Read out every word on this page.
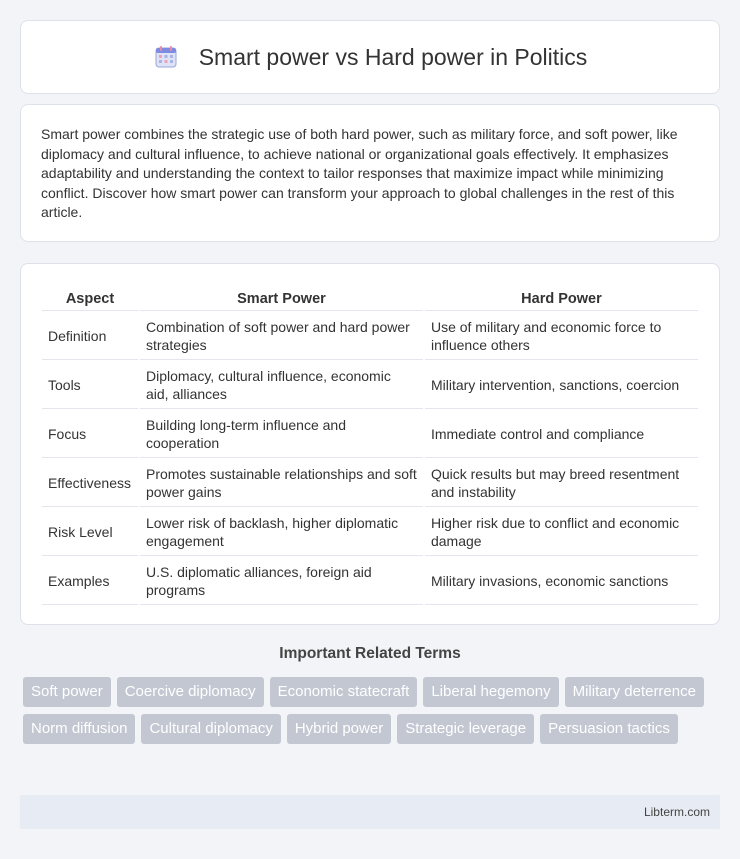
Smart power vs Hard power in Politics

Smart power combines the strategic use of both hard power, such as military force, and soft power, like diplomacy and cultural influence, to achieve national or organizational goals effectively. It emphasizes adaptability and understanding the context to tailor responses that maximize impact while minimizing conflict. Discover how smart power can transform your approach to global challenges in the rest of this article.

Aspect	Smart Power	Hard Power
Definition	Combination of soft power and hard power strategies	Use of military and economic force to influence others
Tools	Diplomacy, cultural influence, economic aid, alliances	Military intervention, sanctions, coercion
Focus	Building long-term influence and cooperation	Immediate control and compliance
Effectiveness	Promotes sustainable relationships and soft power gains	Quick results but may breed resentment and instability
Risk Level	Lower risk of backlash, higher diplomatic engagement	Higher risk due to conflict and economic damage
Examples	U.S. diplomatic alliances, foreign aid programs	Military invasions, economic sanctions
Important Related Terms
Soft power	Coercive diplomacy	Economic statecraft	Liberal hegemony	Military deterrence
Norm diffusion	Cultural diplomacy	Hybrid power	Strategic leverage	Persuasion tactics
Libterm.com
